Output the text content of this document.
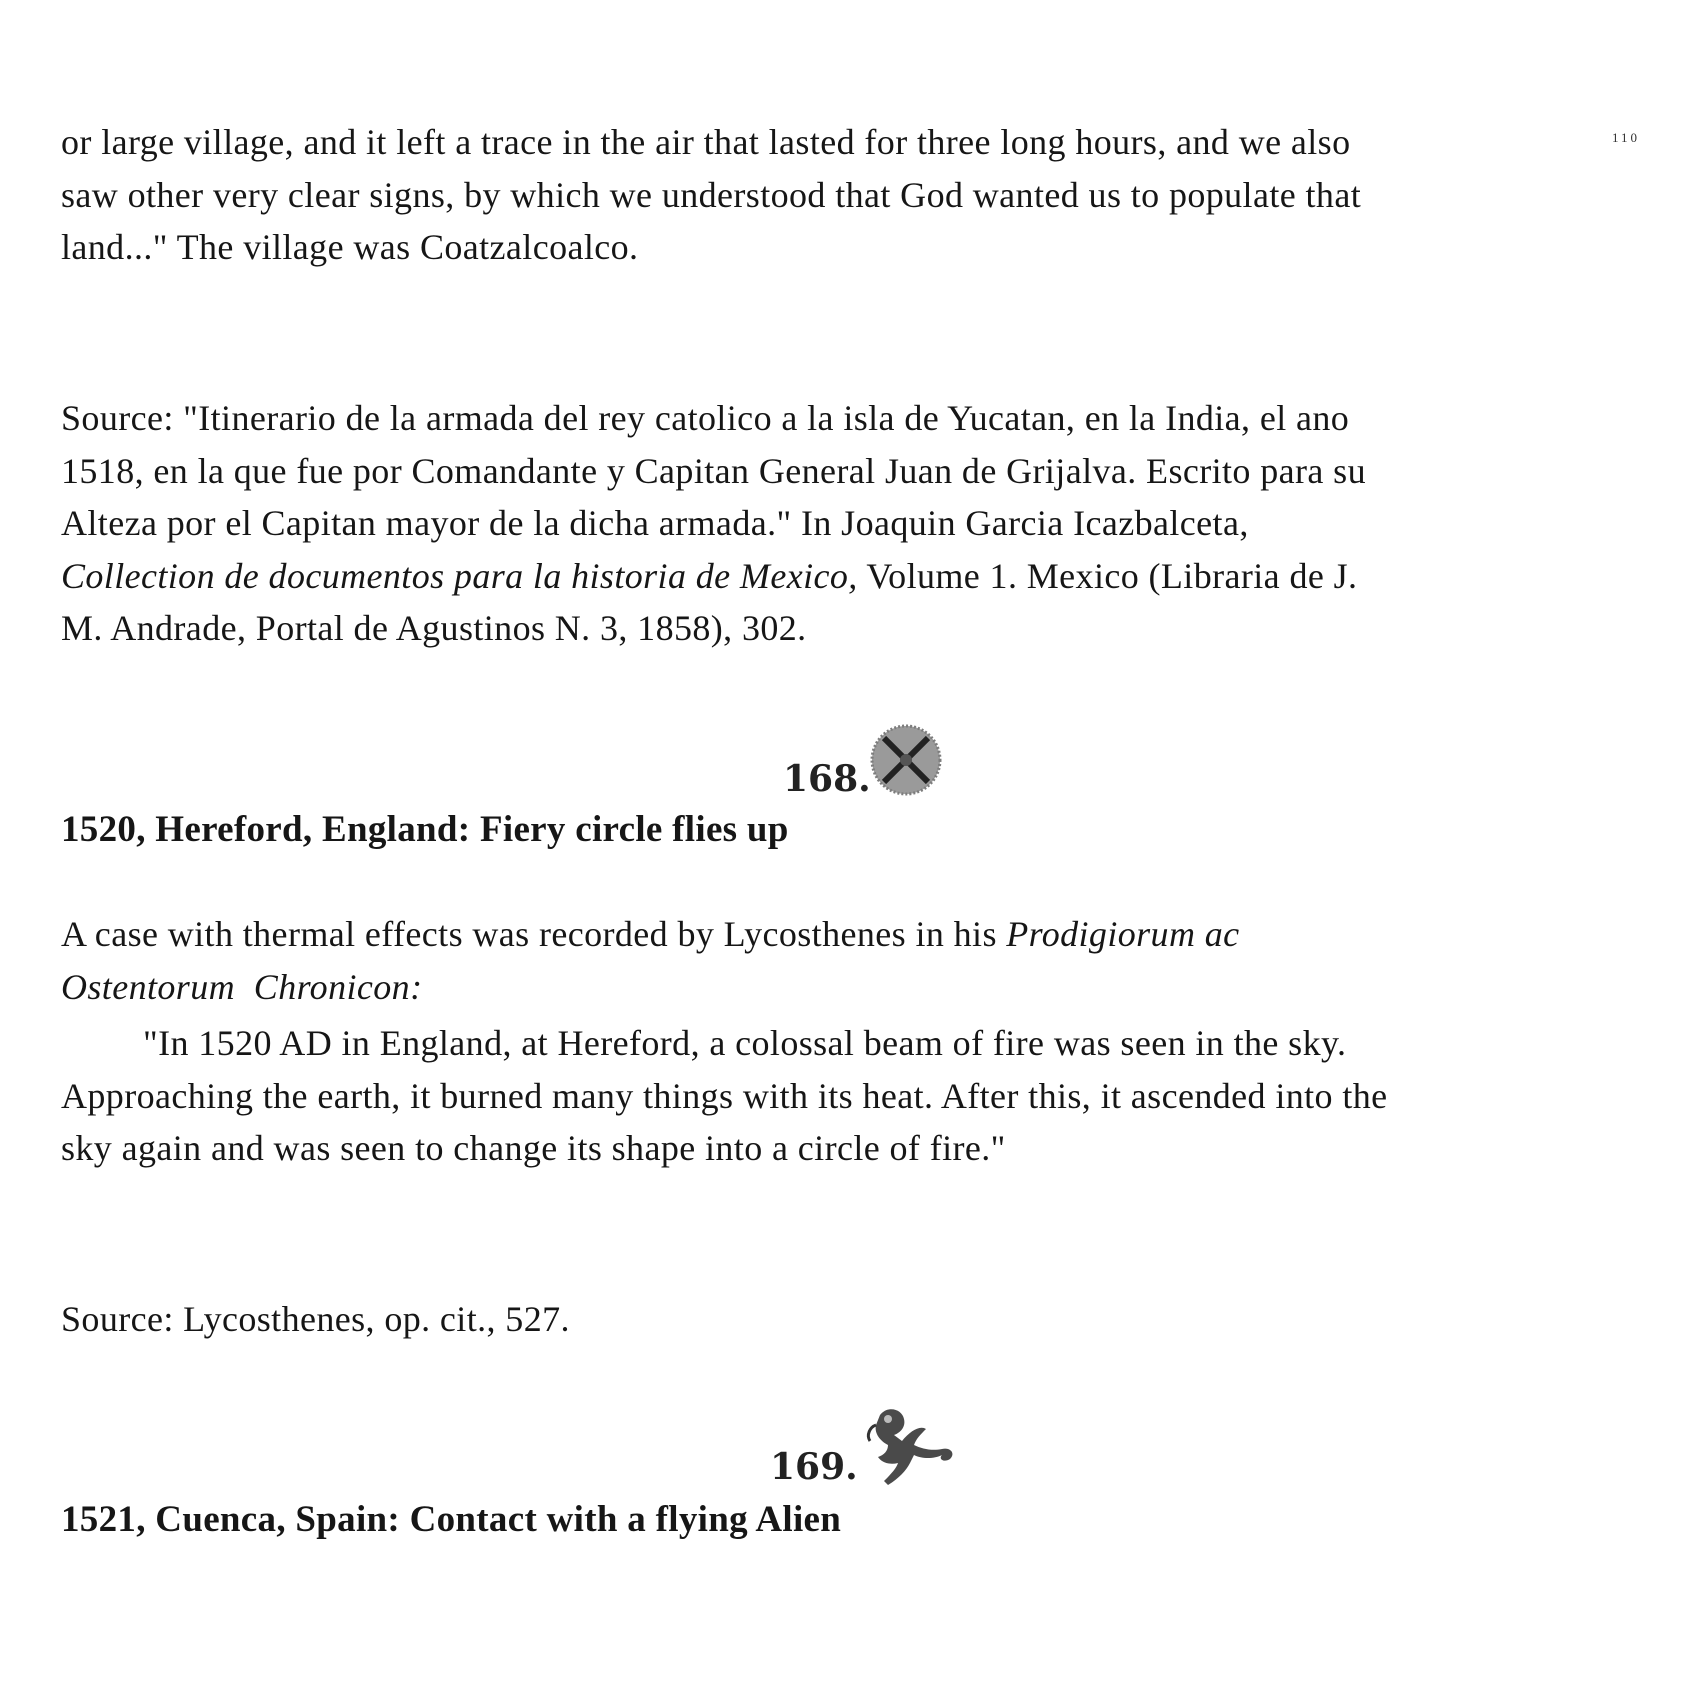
110

or large village, and it left a trace in the air that lasted for three long hours, and we also
saw other very clear signs, by which we understood that God wanted us to populate that
land..." The village was Coatzalcoalco.

Source: "Itinerario de la armada del rey catolico a la isla de Yucatan, en la India, el ano
1518, en la que fue por Comandante y Capitan General Juan de Grijalva. Escrito para su
Alteza por el Capitan mayor de la dicha armada." In Joaquin Garcia Icazbalceta,
Collection de documentos para la historia de Mexico, Volume 1. Mexico (Libraria de J.
M. Andrade, Portal de Agustinos N. 3, 1858), 302.

168.
1520, Hereford, England: Fiery circle flies up

A case with thermal effects was recorded by Lycosthenes in his Prodigiorum ac
Ostentorum  Chronicon:

"In 1520 AD in England, at Hereford, a colossal beam of fire was seen in the sky.
Approaching the earth, it burned many things with its heat. After this, it ascended into the
sky again and was seen to change its shape into a circle of fire."

Source: Lycosthenes, op. cit., 527.

169.
1521, Cuenca, Spain: Contact with a flying Alien
